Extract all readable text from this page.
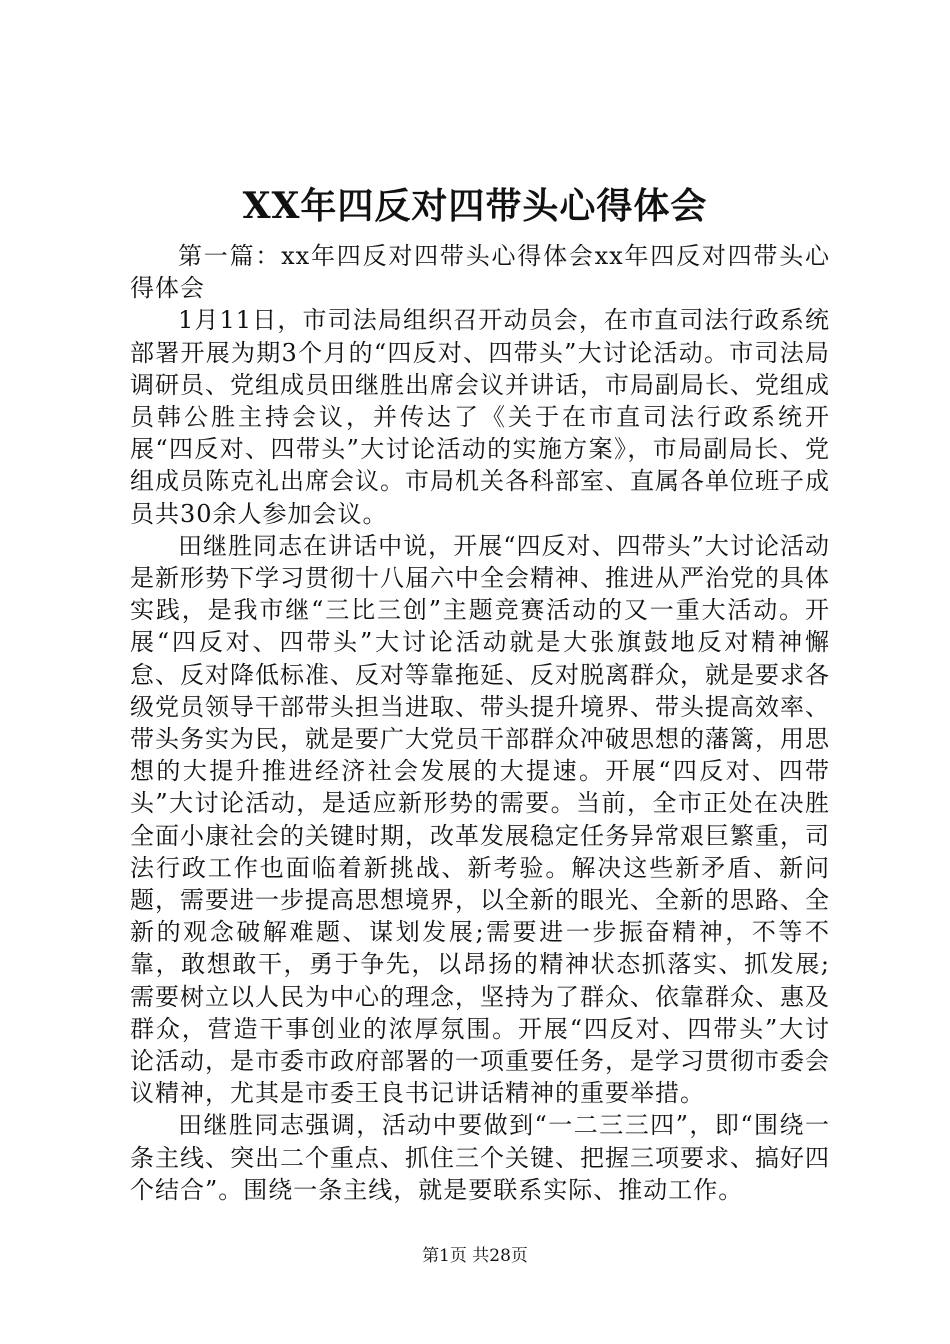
XX年四反对四带头心得体会

第一篇：xx年四反对四带头心得体会xx年四反对四带头心得体会

1月11日，市司法局组织召开动员会，在市直司法行政系统部署开展为期3个月的“四反对、四带头”大讨论活动。市司法局调研员、党组成员田继胜出席会议并讲话，市局副局长、党组成员韩公胜主持会议，并传达了《关于在市直司法行政系统开展“四反对、四带头”大讨论活动的实施方案》，市局副局长、党组成员陈克礼出席会议。市局机关各科部室、直属各单位班子成员共30余人参加会议。

田继胜同志在讲话中说，开展“四反对、四带头”大讨论活动是新形势下学习贯彻十八届六中全会精神、推进从严治党的具体实践，是我市继“三比三创”主题竞赛活动的又一重大活动。开展“四反对、四带头”大讨论活动就是大张旗鼓地反对精神懈怠、反对降低标准、反对等靠拖延、反对脱离群众，就是要求各级党员领导干部带头担当进取、带头提升境界、带头提高效率、带头务实为民，就是要广大党员干部群众冲破思想的藩篱，用思想的大提升推进经济社会发展的大提速。开展“四反对、四带头”大讨论活动，是适应新形势的需要。当前，全市正处在决胜全面小康社会的关键时期，改革发展稳定任务异常艰巨繁重，司法行政工作也面临着新挑战、新考验。解决这些新矛盾、新问题，需要进一步提高思想境界，以全新的眼光、全新的思路、全新的观念破解难题、谋划发展;需要进一步振奋精神，不等不靠，敢想敢干，勇于争先，以昂扬的精神状态抓落实、抓发展;需要树立以人民为中心的理念，坚持为了群众、依靠群众、惠及群众，营造干事创业的浓厚氛围。开展“四反对、四带头”大讨论活动，是市委市政府部署的一项重要任务，是学习贯彻市委会议精神，尤其是市委王良书记讲话精神的重要举措。

田继胜同志强调，活动中要做到“一二三三四”，即“围绕一条主线、突出二个重点、抓住三个关键、把握三项要求、搞好四个结合”。围绕一条主线，就是要联系实际、推动工作。

第1页 共28页
